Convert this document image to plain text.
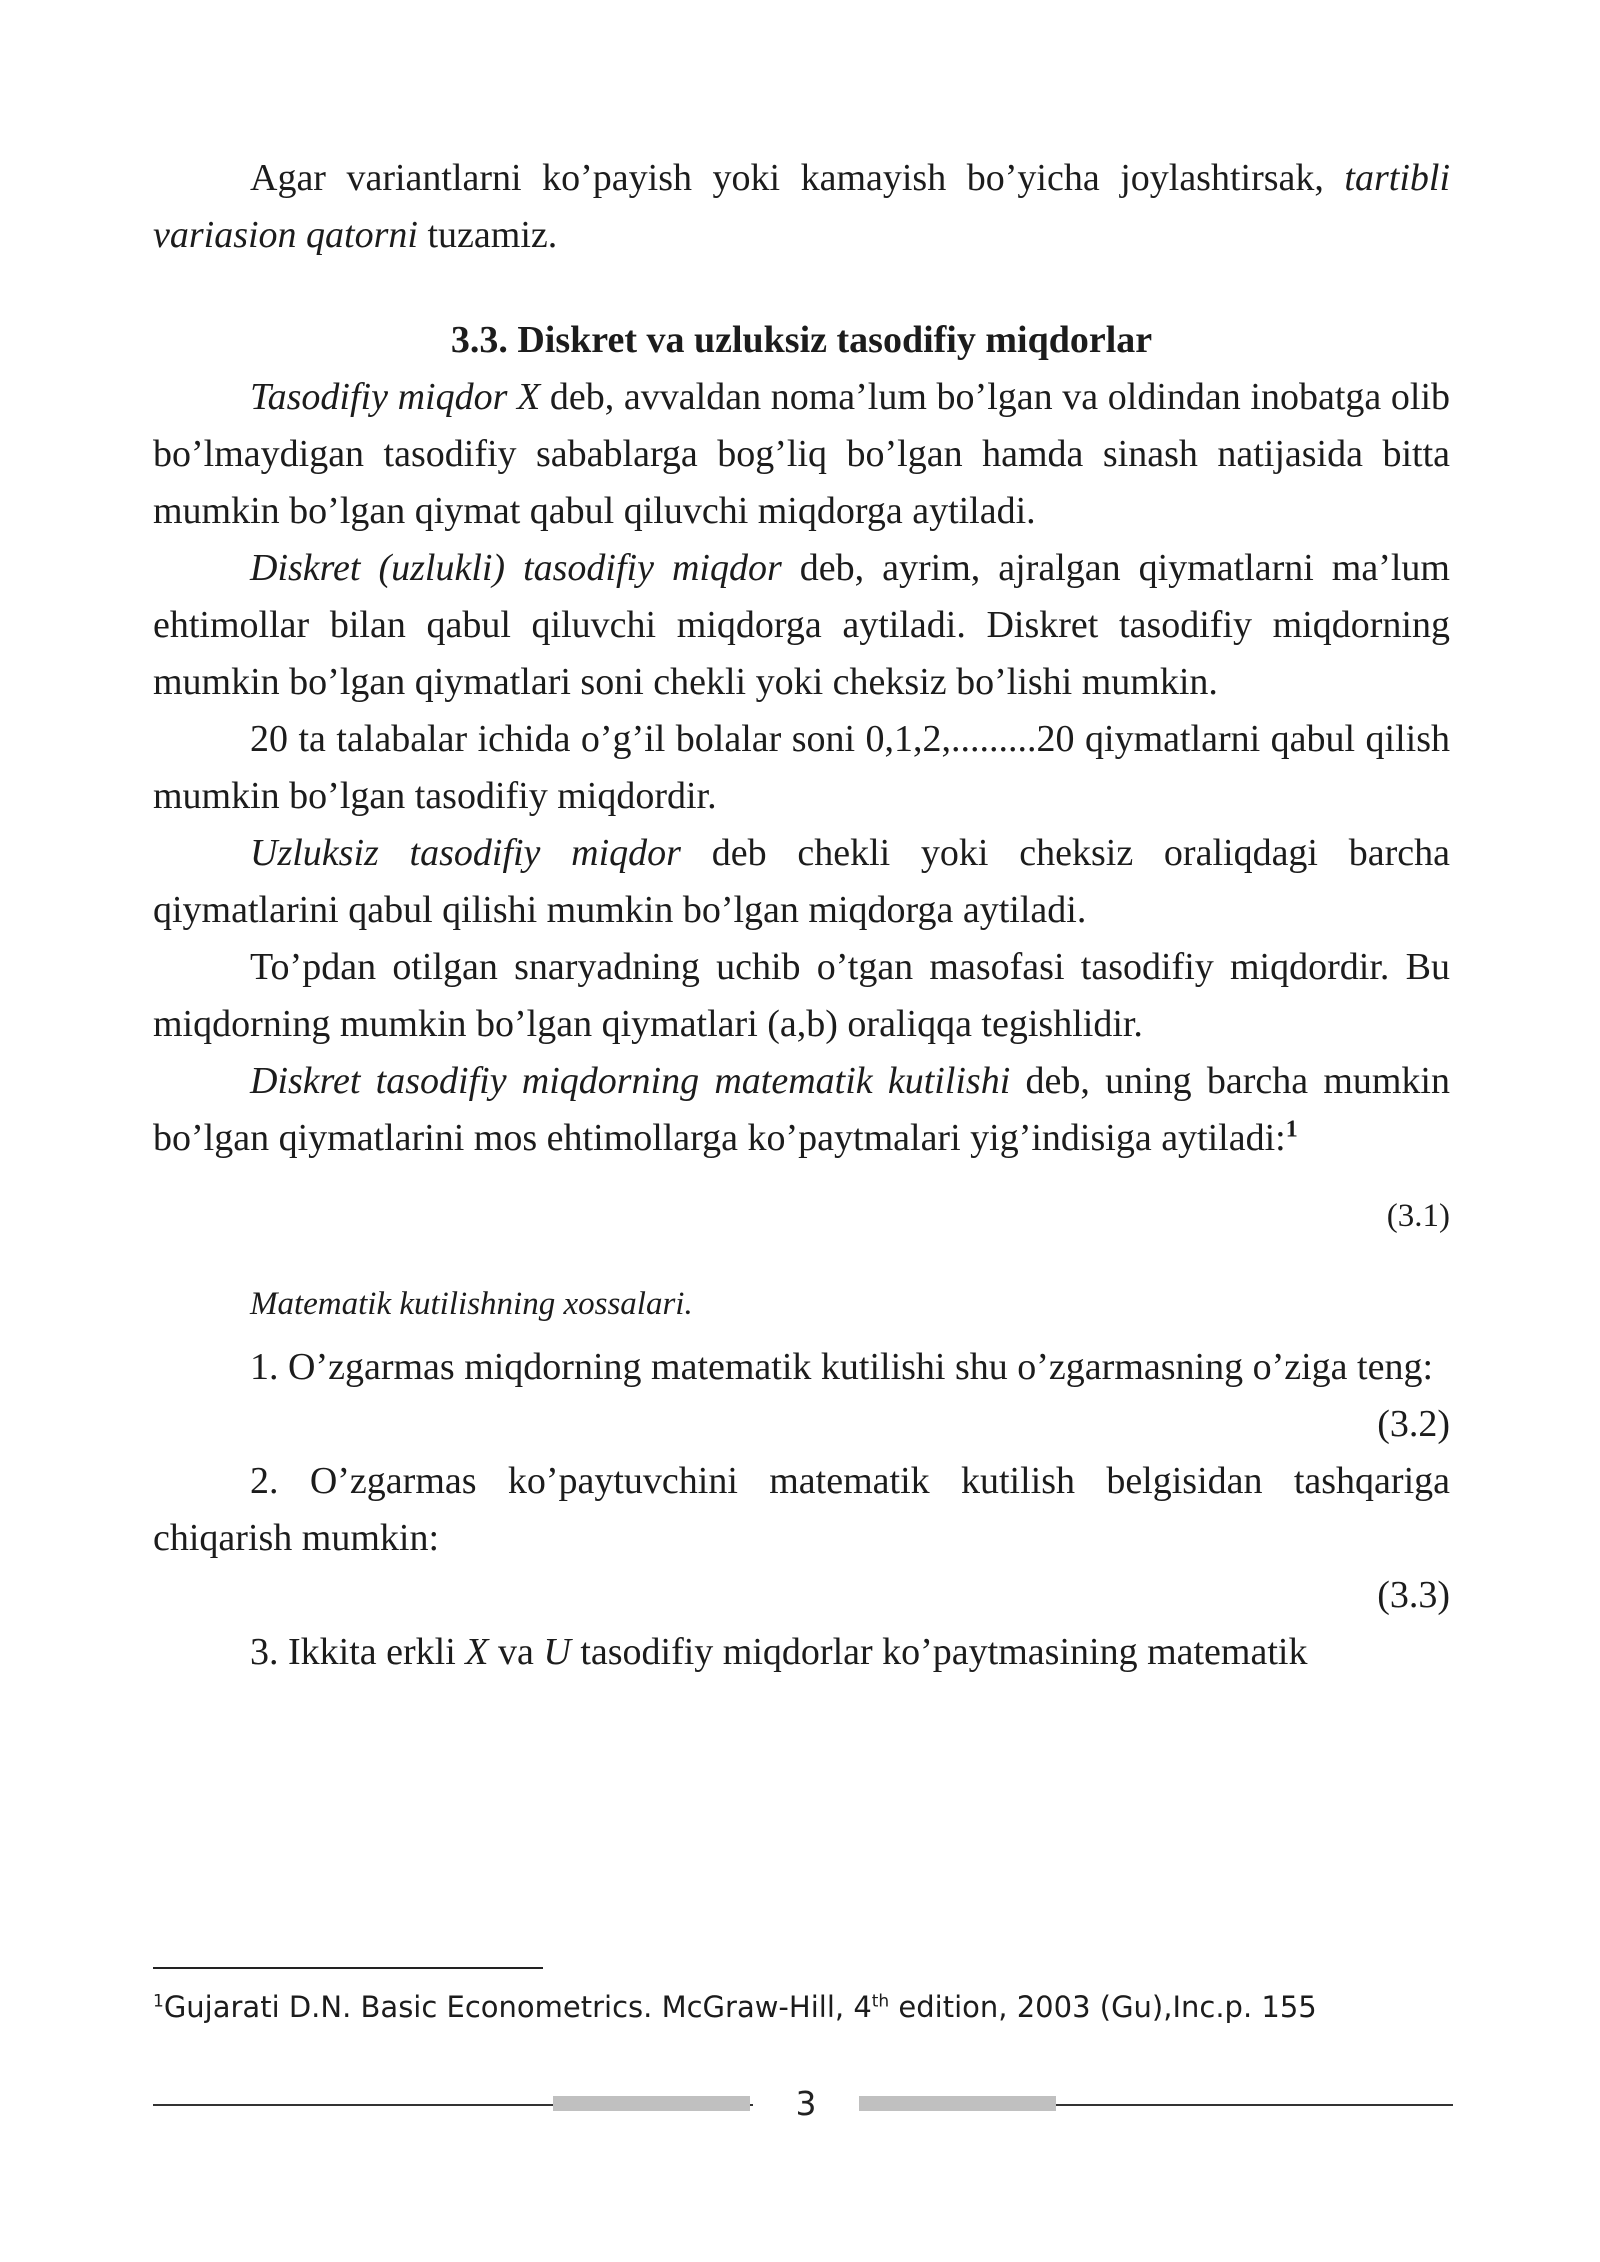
Agar variantlarni ko’payish yoki kamayish bo’yicha joylashtirsak, tartibli variasion qatorni tuzamiz.

3.3. Diskret va uzluksiz tasodifiy miqdorlar

Tasodifiy miqdor X deb, avvaldan noma’lum bo’lgan va oldindan inobatga olib bo’lmaydigan tasodifiy sabablarga bog’liq bo’lgan hamda sinash natijasida bitta mumkin bo’lgan qiymat qabul qiluvchi miqdorga aytiladi.

Diskret (uzlukli) tasodifiy miqdor deb, ayrim, ajralgan qiymatlarni ma’lum ehtimollar bilan qabul qiluvchi miqdorga aytiladi. Diskret tasodifiy miqdorning mumkin bo’lgan qiymatlari soni chekli yoki cheksiz bo’lishi mumkin.

20 ta talabalar ichida o’g’il bolalar soni 0,1,2,.........20 qiymatlarni qabul qilish mumkin bo’lgan tasodifiy miqdordir.

Uzluksiz tasodifiy miqdor deb chekli yoki cheksiz oraliqdagi barcha qiymatlarini qabul qilishi mumkin bo’lgan miqdorga aytiladi.

To’pdan otilgan snaryadning uchib o’tgan masofasi tasodifiy miqdordir. Bu miqdorning mumkin bo’lgan qiymatlari (a,b) oraliqqa tegishlidir.

Diskret tasodifiy miqdorning matematik kutilishi deb, uning barcha mumkin bo’lgan qiymatlarini mos ehtimollarga ko’paytmalari yig’indisiga aytiladi:$^1$

(3.1)

Matematik kutilishning xossalari.

1. O’zgarmas miqdorning matematik kutilishi shu o’zgarmasning o’ziga teng:

(3.2)

2. O’zgarmas ko’paytuvchini matematik kutilish belgisidan tashqariga chiqarish mumkin:

(3.3)

3. Ikkita erkli X va U tasodifiy miqdorlar ko’paytmasining matematik

$^1$Gujarati D.N. Basic Econometrics. McGraw-Hill, 4th edition, 2003 (Gu),Inc.p. 155
3
